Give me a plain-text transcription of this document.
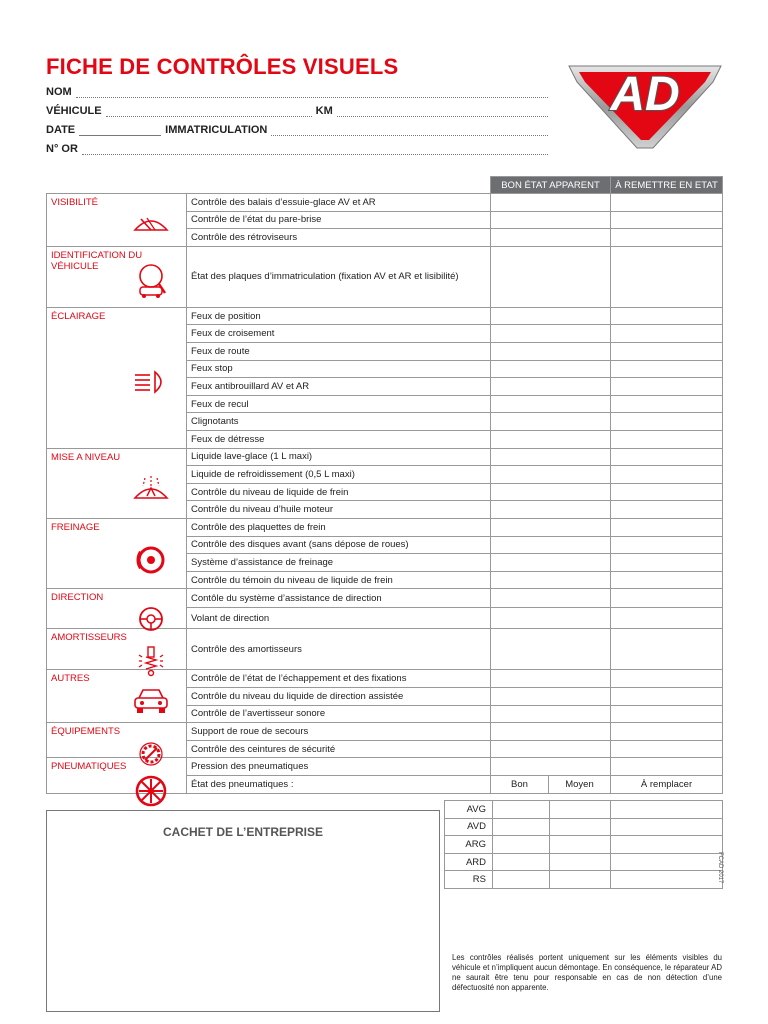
FICHE DE CONTRÔLES VISUELS
NOM
VÉHICULE	KM
DATE	IMMATRICULATION
N° OR
AD
		BON ÉTAT APPARENT	À REMETTRE EN ETAT
VISIBILITÉ	Contrôle des balais d’essuie-glace AV et AR		
	Contrôle de l’état du pare-brise		
	Contrôle des rétroviseurs		
IDENTIFICATION DU VÉHICULE	État des plaques d’immatriculation (fixation AV et AR et lisibilité)		
ÉCLAIRAGE	Feux de position		
	Feux de croisement		
	Feux de route		
	Feux stop		
	Feux antibrouillard AV et AR		
	Feux de recul		
	Clignotants		
	Feux de détresse		
MISE A NIVEAU	Liquide lave-glace (1 L maxi)		
	Liquide de refroidissement (0,5 L maxi)		
	Contrôle du niveau de liquide de frein		
	Contrôle du niveau d’huile moteur		
FREINAGE	Contrôle des plaquettes de frein		
	Contrôle des disques avant (sans dépose de roues)		
	Système d’assistance de freinage		
	Contrôle du témoin du niveau de liquide de frein		
DIRECTION	Contôle du système d’assistance de direction		
	Volant de direction		
AMORTISSEURS	Contrôle des amortisseurs		
AUTRES	Contrôle de l’état de l’échappement et des fixations		
	Contrôle du niveau du liquide de direction assistée		
	Contrôle de l’avertisseur sonore		
ÉQUIPEMENTS	Support de roue de secours		
	Contrôle des ceintures de sécurité		
PNEUMATIQUES	Pression des pneumatiques		
	État des pneumatiques :	Bon Moyen	À remplacer
AVG			
AVD			
ARG			
ARD			
RS			
CACHET DE L’ENTREPRISE
Les contrôles réalisés portent uniquement sur les éléments visibles du véhicule et n’impliquent aucun démontage. En conséquence, le réparateur AD ne saurait être tenu pour responsable en cas de non détection d’une défectuosité non apparente.
FCAD 2017
